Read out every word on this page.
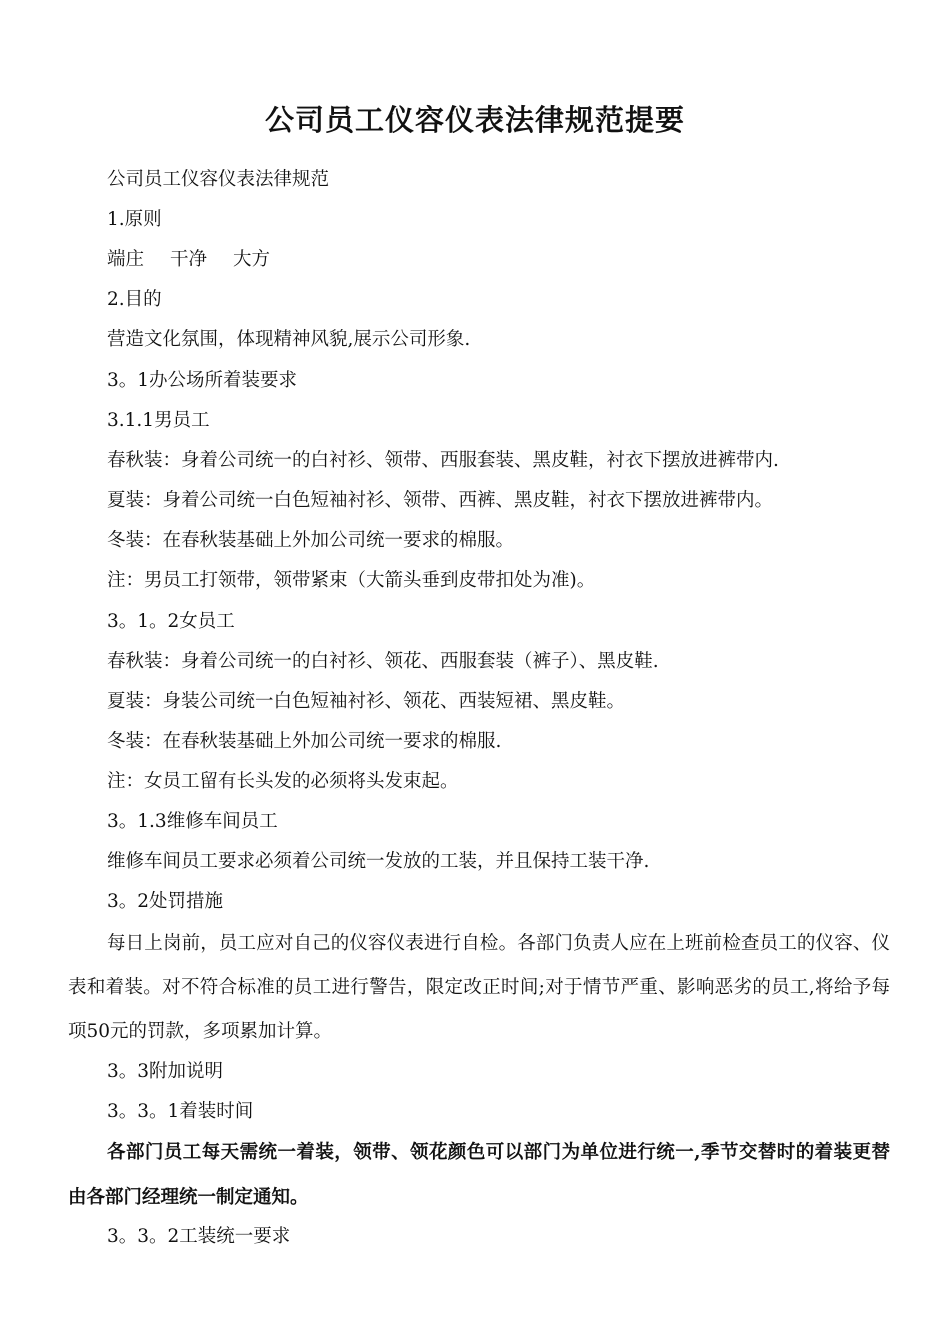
公司员工仪容仪表法律规范提要
公司员工仪容仪表法律规范
1.原则
端庄 干净 大方
2.目的
营造文化氛围，体现精神风貌,展示公司形象.
3。1办公场所着装要求
3.1.1男员工
春秋装：身着公司统一的白衬衫、领带、西服套装、黑皮鞋，衬衣下摆放进裤带内.
夏装：身着公司统一白色短袖衬衫、领带、西裤、黑皮鞋，衬衣下摆放进裤带内。
冬装：在春秋装基础上外加公司统一要求的棉服。
注：男员工打领带，领带紧束（大箭头垂到皮带扣处为准)。
3。1。2女员工
春秋装：身着公司统一的白衬衫、领花、西服套装（裤子）、黑皮鞋.
夏装：身装公司统一白色短袖衬衫、领花、西装短裙、黑皮鞋。
冬装：在春秋装基础上外加公司统一要求的棉服.
注：女员工留有长头发的必须将头发束起。
3。1.3维修车间员工
维修车间员工要求必须着公司统一发放的工装，并且保持工装干净.
3。2处罚措施
每日上岗前，员工应对自己的仪容仪表进行自检。各部门负责人应在上班前检查员工的仪容、仪表和着装。对不符合标准的员工进行警告，限定改正时间;对于情节严重、影响恶劣的员工,将给予每项50元的罚款，多项累加计算。
3。3附加说明
3。3。1着装时间
各部门员工每天需统一着装，领带、领花颜色可以部门为单位进行统一,季节交替时的着装更替由各部门经理统一制定通知。
3。3。2工装统一要求
